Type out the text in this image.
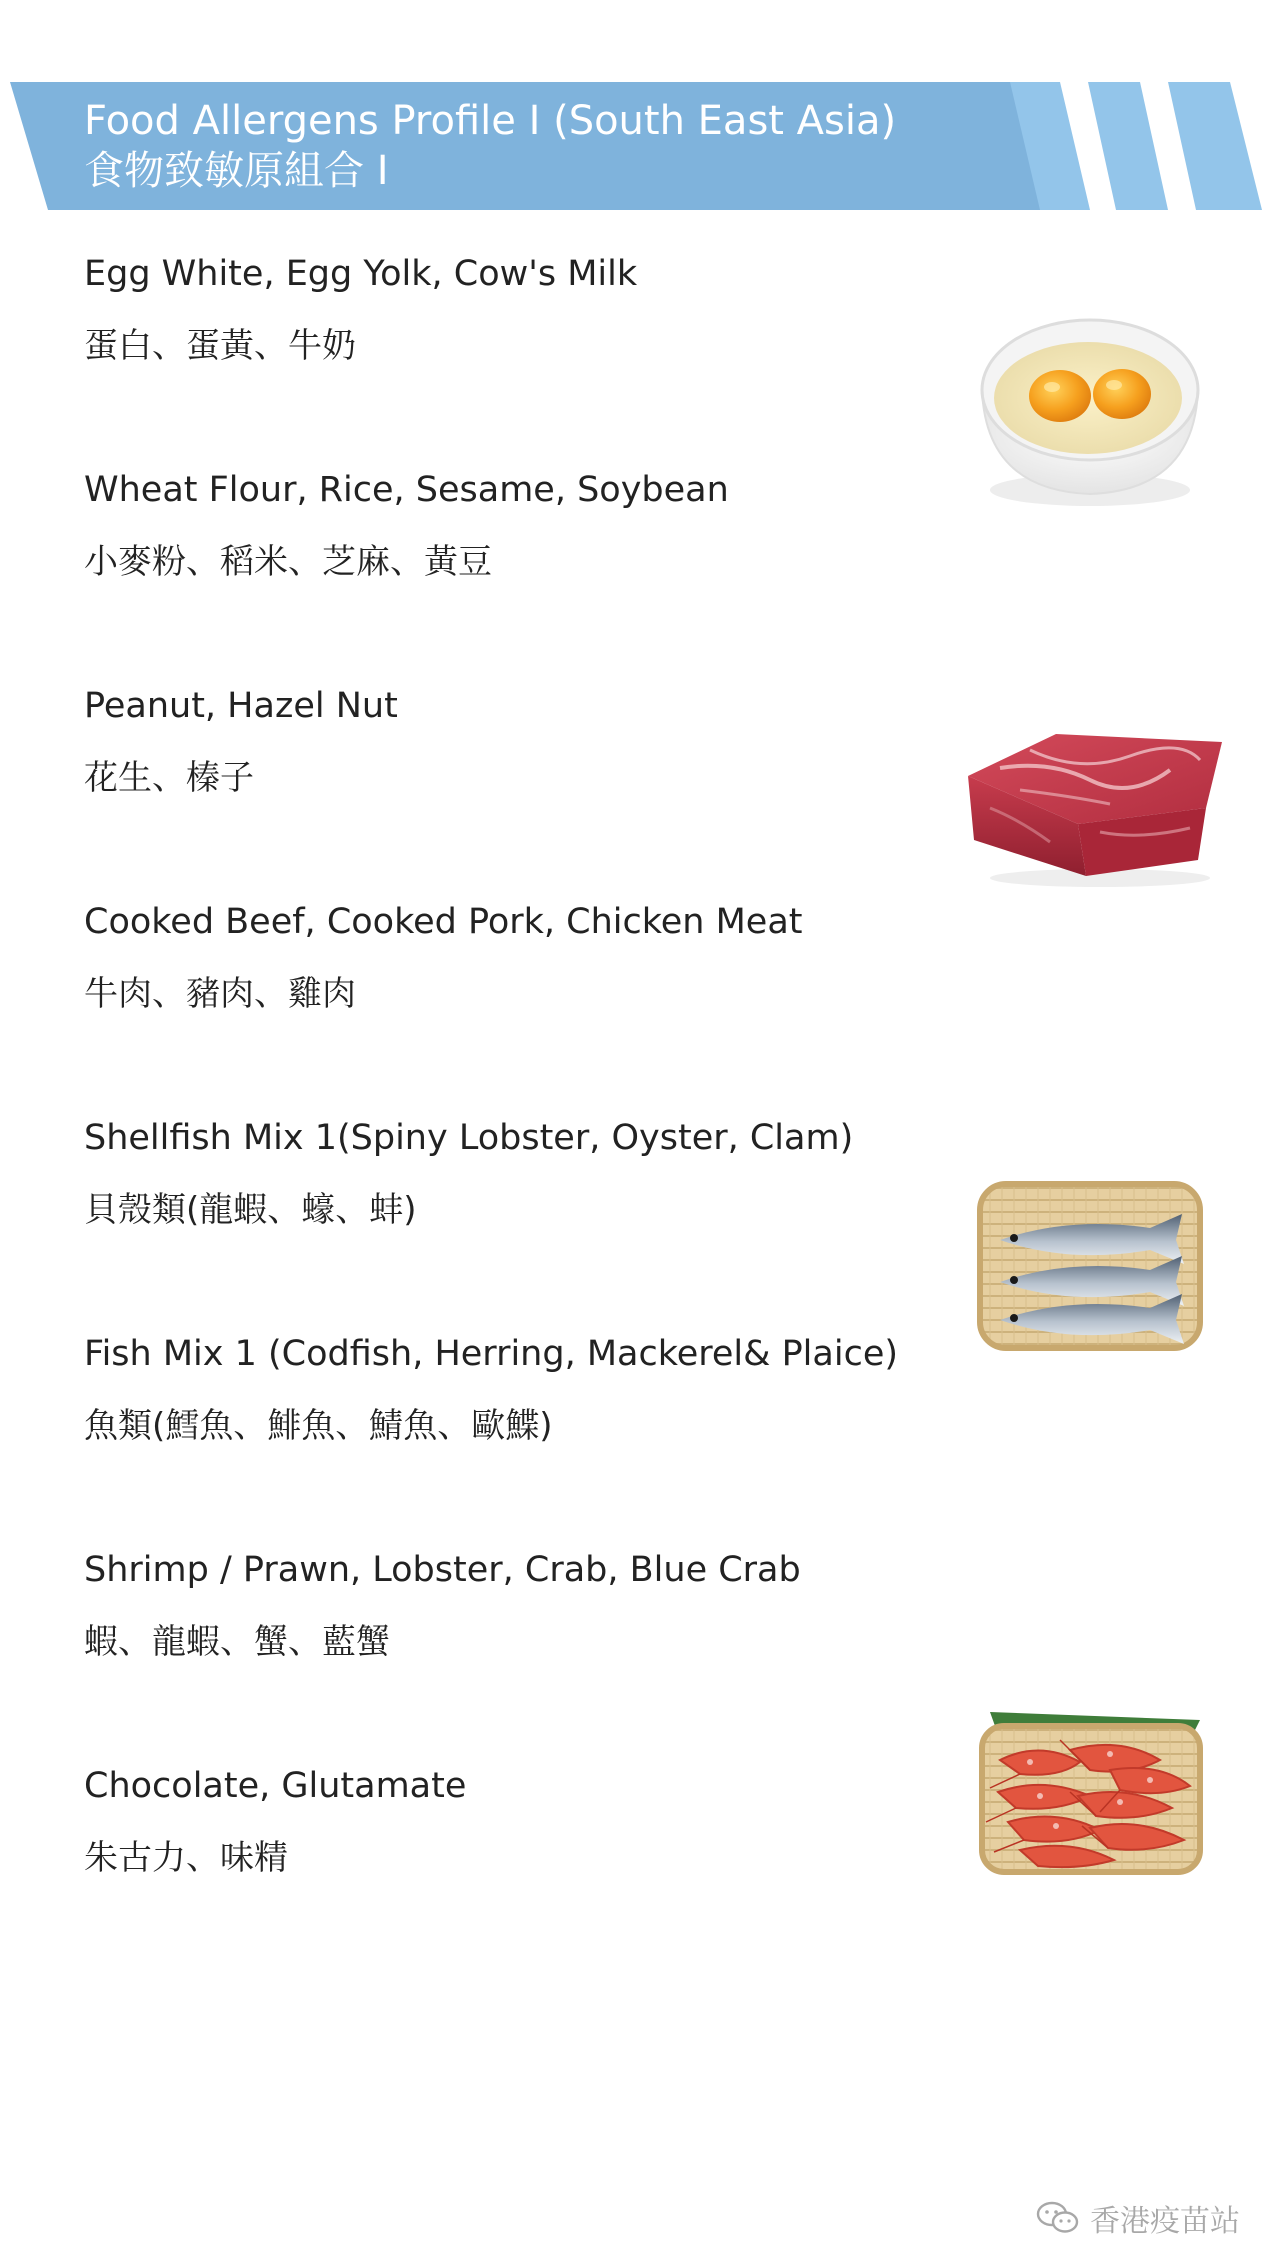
Food Allergens Profile Ⅰ (South East Asia)
食物致敏原組合 Ⅰ
Egg White, Egg Yolk, Cow's Milk
蛋白、蛋黃、牛奶
Wheat Flour, Rice, Sesame, Soybean
小麥粉、稻米、芝麻、黃豆
Peanut, Hazel Nut
花生、榛子
Cooked Beef, Cooked Pork, Chicken Meat
牛肉、豬肉、雞肉
Shellfish Mix 1(Spiny Lobster, Oyster, Clam)
貝殼類(龍蝦、蠔、蚌)
Fish Mix 1 (Codfish, Herring, Mackerel& Plaice)
魚類(鱈魚、鯡魚、鯖魚、歐鰈)
Shrimp / Prawn, Lobster, Crab, Blue Crab
蝦、龍蝦、蟹、藍蟹
Chocolate, Glutamate
朱古力、味精
香港疫苗站
